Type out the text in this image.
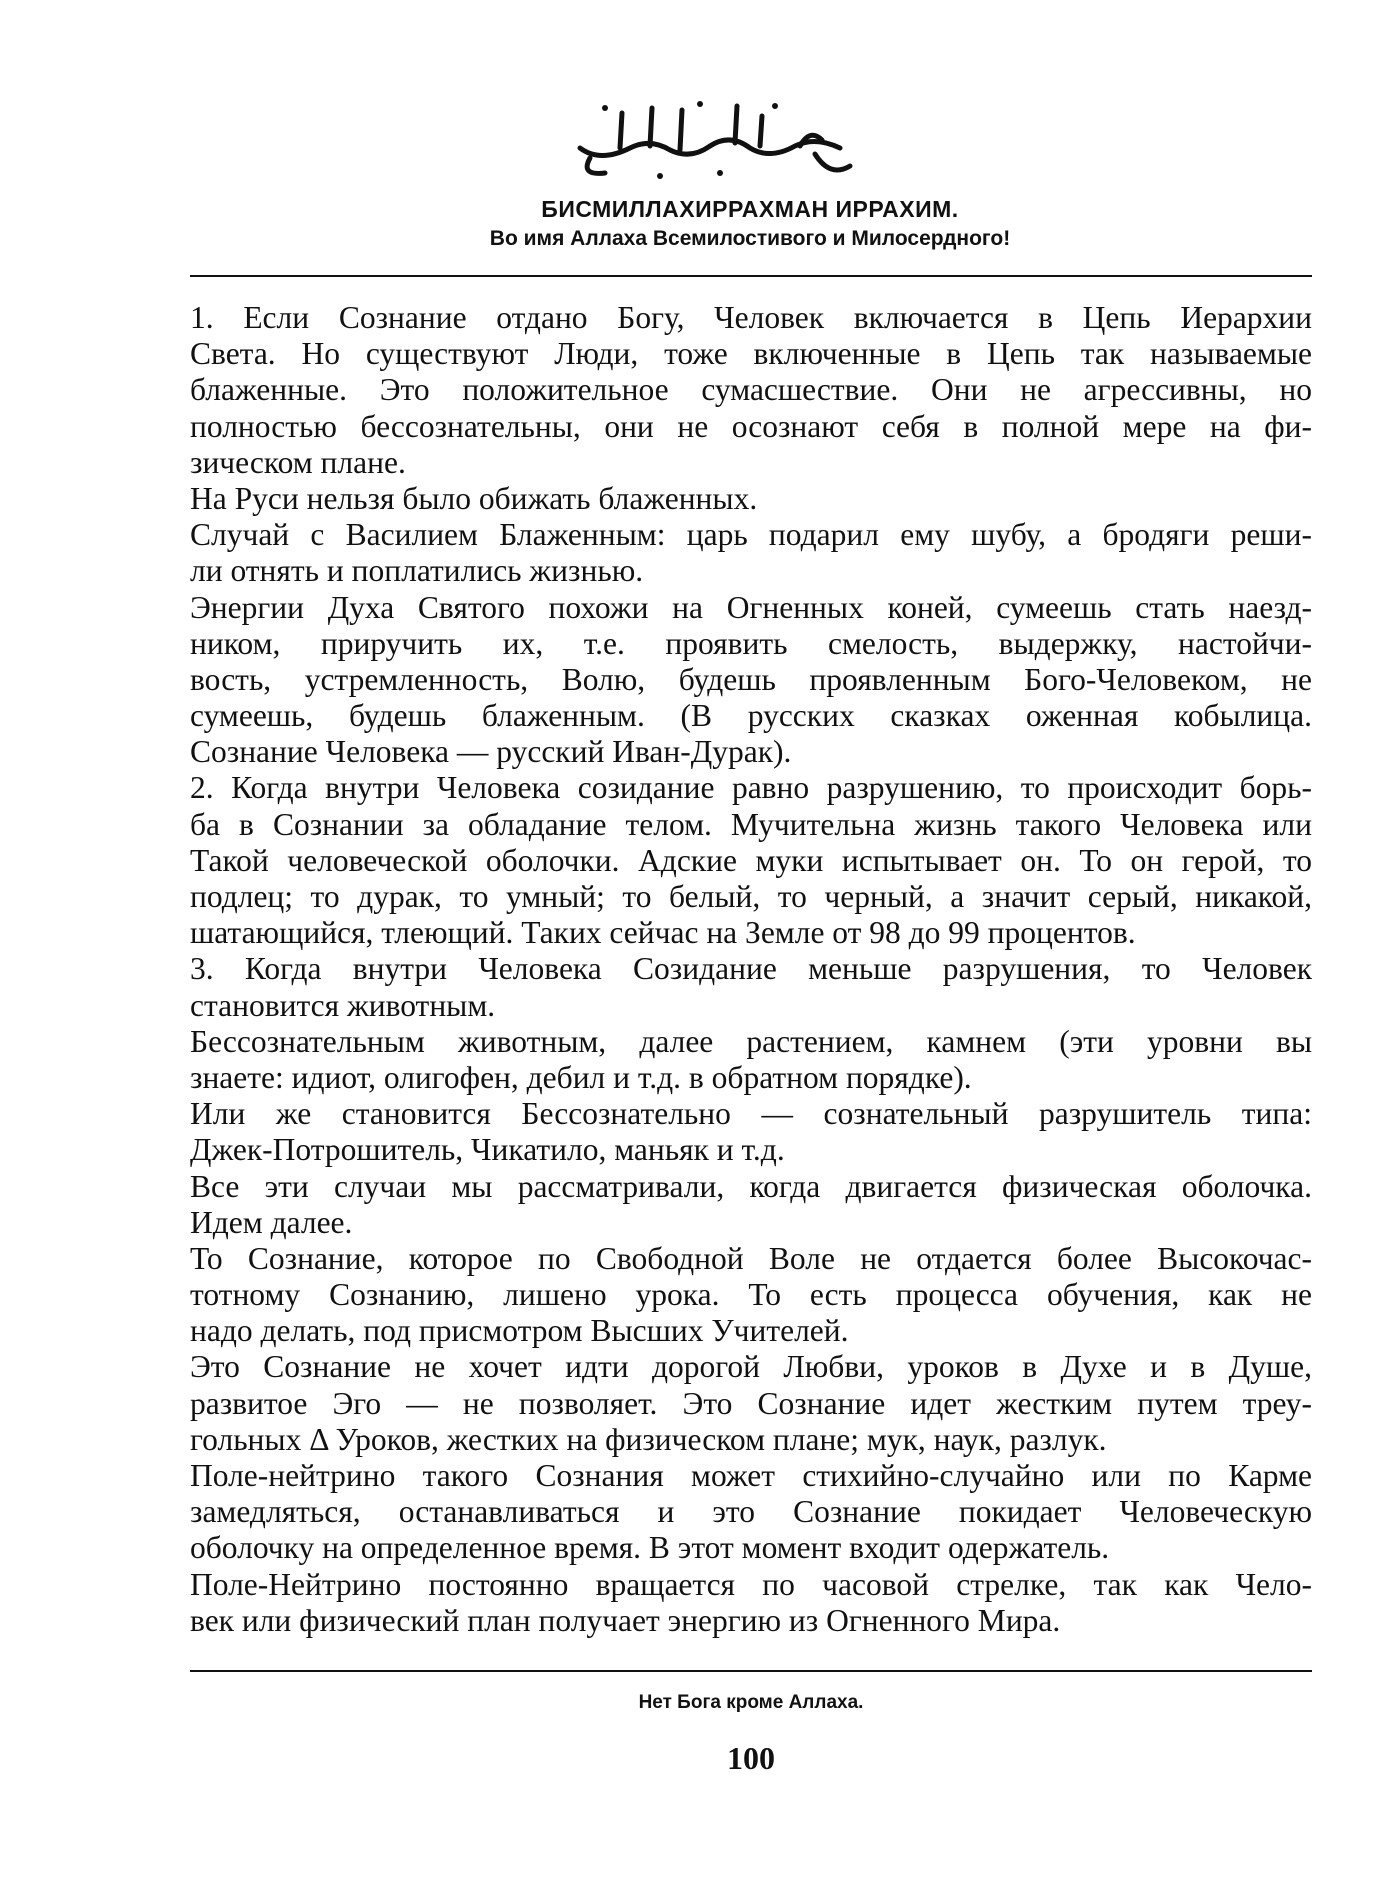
БИСМИЛЛАХИРРАХМАН ИРРАХИМ.
Во имя Аллаха Всемилостивого и Милосердного!
1. Если Сознание отдано Богу, Человек включается в Цепь Иерархии
Света. Но существуют Люди, тоже включенные в Цепь так называемые
блаженные. Это положительное сумасшествие. Они не агрессивны, но
полностью бессознательны, они не осознают себя в полной мере на фи-
зическом плане.
На Руси нельзя было обижать блаженных.
Случай с Василием Блаженным: царь подарил ему шубу, а бродяги реши-
ли отнять и поплатились жизнью.
Энергии Духа Святого похожи на Огненных коней, сумеешь стать наезд-
ником, приручить их, т.е. проявить смелость, выдержку, настойчи-
вость, устремленность, Волю, будешь проявленным Бого-Человеком, не
сумеешь, будешь блаженным. (В русских сказках оженная кобылица.
Сознание Человека — русский Иван-Дурак).
2. Когда внутри Человека созидание равно разрушению, то происходит борь-
ба в Сознании за обладание телом. Мучительна жизнь такого Человека или
Такой человеческой оболочки. Адские муки испытывает он. То он герой, то
подлец; то дурак, то умный; то белый, то черный, а значит серый, никакой,
шатающийся, тлеющий. Таких сейчас на Земле от 98 до 99 процентов.
3. Когда внутри Человека Созидание меньше разрушения, то Человек
становится животным.
Бессознательным животным, далее растением, камнем (эти уровни вы
знаете: идиот, олигофен, дебил и т.д. в обратном порядке).
Или же становится Бессознательно — сознательный разрушитель типа:
Джек-Потрошитель, Чикатило, маньяк и т.д.
Все эти случаи мы рассматривали, когда двигается физическая оболочка.
Идем далее.
То Сознание, которое по Свободной Воле не отдается более Высокочас-
тотному Сознанию, лишено урока. То есть процесса обучения, как не
надо делать, под присмотром Высших Учителей.
Это Сознание не хочет идти дорогой Любви, уроков в Духе и в Душе,
развитое Эго — не позволяет. Это Сознание идет жестким путем треу-
гольных Δ Уроков, жестких на физическом плане; мук, наук, разлук.
Поле-нейтрино такого Сознания может стихийно-случайно или по Карме
замедляться, останавливаться и это Сознание покидает Человеческую
оболочку на определенное время. В этот момент входит одержатель.
Поле-Нейтрино постоянно вращается по часовой стрелке, так как Чело-
век или физический план получает энергию из Огненного Мира.
Нет Бога кроме Аллаха.
100
